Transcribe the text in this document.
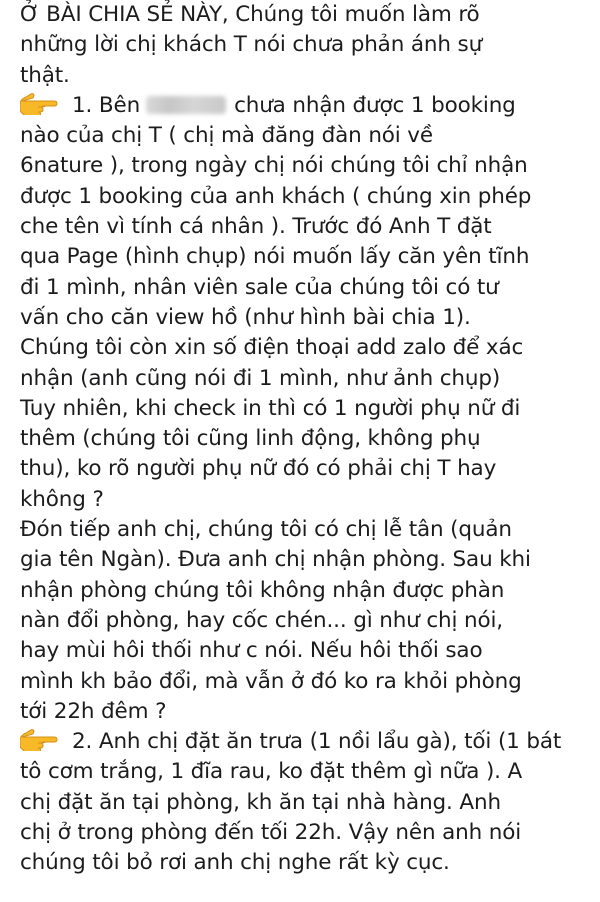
Ở BÀI CHIA SẺ NÀY, Chúng tôi muốn làm rõ
những lời chị khách T nói chưa phản ánh sự
thật.
1. Bên	chưa nhận được 1 booking
nào của chị T ( chị mà đăng đàn nói về
6nature ), trong ngày chị nói chúng tôi chỉ nhận
được 1 booking của anh khách ( chúng xin phép
che tên vì tính cá nhân ). Trước đó Anh T đặt
qua Page (hình chụp) nói muốn lấy căn yên tĩnh
đi 1 mình, nhân viên sale của chúng tôi có tư
vấn cho căn view hồ (như hình bài chia 1).
Chúng tôi còn xin số điện thoại add zalo để xác
nhận (anh cũng nói đi 1 mình, như ảnh chụp)
Tuy nhiên, khi check in thì có 1 người phụ nữ đi
thêm (chúng tôi cũng linh động, không phụ
thu), ko rõ người phụ nữ đó có phải chị T hay
không ?
Đón tiếp anh chị, chúng tôi có chị lễ tân (quản
gia tên Ngàn). Đưa anh chị nhận phòng. Sau khi
nhận phòng chúng tôi không nhận được phàn
nàn đổi phòng, hay cốc chén... gì như chị nói,
hay mùi hôi thối như c nói. Nếu hôi thối sao
mình kh bảo đổi, mà vẫn ở đó ko ra khỏi phòng
tới 22h đêm ?
2. Anh chị đặt ăn trưa (1 nồi lẩu gà), tối (1 bát
tô cơm trắng, 1 đĩa rau, ko đặt thêm gì nữa ). A
chị đặt ăn tại phòng, kh ăn tại nhà hàng. Anh
chị ở trong phòng đến tối 22h. Vậy nên anh nói
chúng tôi bỏ rơi anh chị nghe rất kỳ cục.
